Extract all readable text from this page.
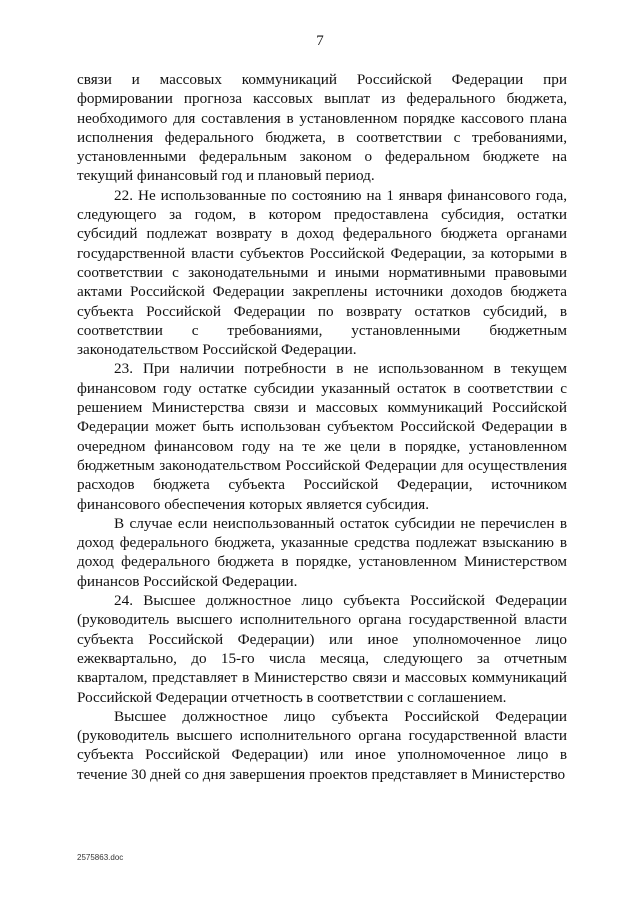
7

связи и массовых коммуникаций Российской Федерации при формировании прогноза кассовых выплат из федерального бюджета, необходимого для составления в установленном порядке кассового плана исполнения федерального бюджета, в соответствии с требованиями, установленными федеральным законом о федеральном бюджете на текущий финансовый год и плановый период.

22. Не использованные по состоянию на 1 января финансового года, следующего за годом, в котором предоставлена субсидия, остатки субсидий подлежат возврату в доход федерального бюджета органами государственной власти субъектов Российской Федерации, за которыми в соответствии с законодательными и иными нормативными правовыми актами Российской Федерации закреплены источники доходов бюджета субъекта Российской Федерации по возврату остатков субсидий, в соответствии с требованиями, установленными бюджетным законодательством Российской Федерации.

23. При наличии потребности в не использованном в текущем финансовом году остатке субсидии указанный остаток в соответствии с решением Министерства связи и массовых коммуникаций Российской Федерации может быть использован субъектом Российской Федерации в очередном финансовом году на те же цели в порядке, установленном бюджетным законодательством Российской Федерации для осуществления расходов бюджета субъекта Российской Федерации, источником финансового обеспечения которых является субсидия.

В случае если неиспользованный остаток субсидии не перечислен в доход федерального бюджета, указанные средства подлежат взысканию в доход федерального бюджета в порядке, установленном Министерством финансов Российской Федерации.

24. Высшее должностное лицо субъекта Российской Федерации (руководитель высшего исполнительного органа государственной власти субъекта Российской Федерации) или иное уполномоченное лицо ежеквартально, до 15-го числа месяца, следующего за отчетным кварталом, представляет в Министерство связи и массовых коммуникаций Российской Федерации отчетность в соответствии с соглашением.

Высшее должностное лицо субъекта Российской Федерации (руководитель высшего исполнительного органа государственной власти субъекта Российской Федерации) или иное уполномоченное лицо в течение 30 дней со дня завершения проектов представляет в Министерство

2575863.doc
